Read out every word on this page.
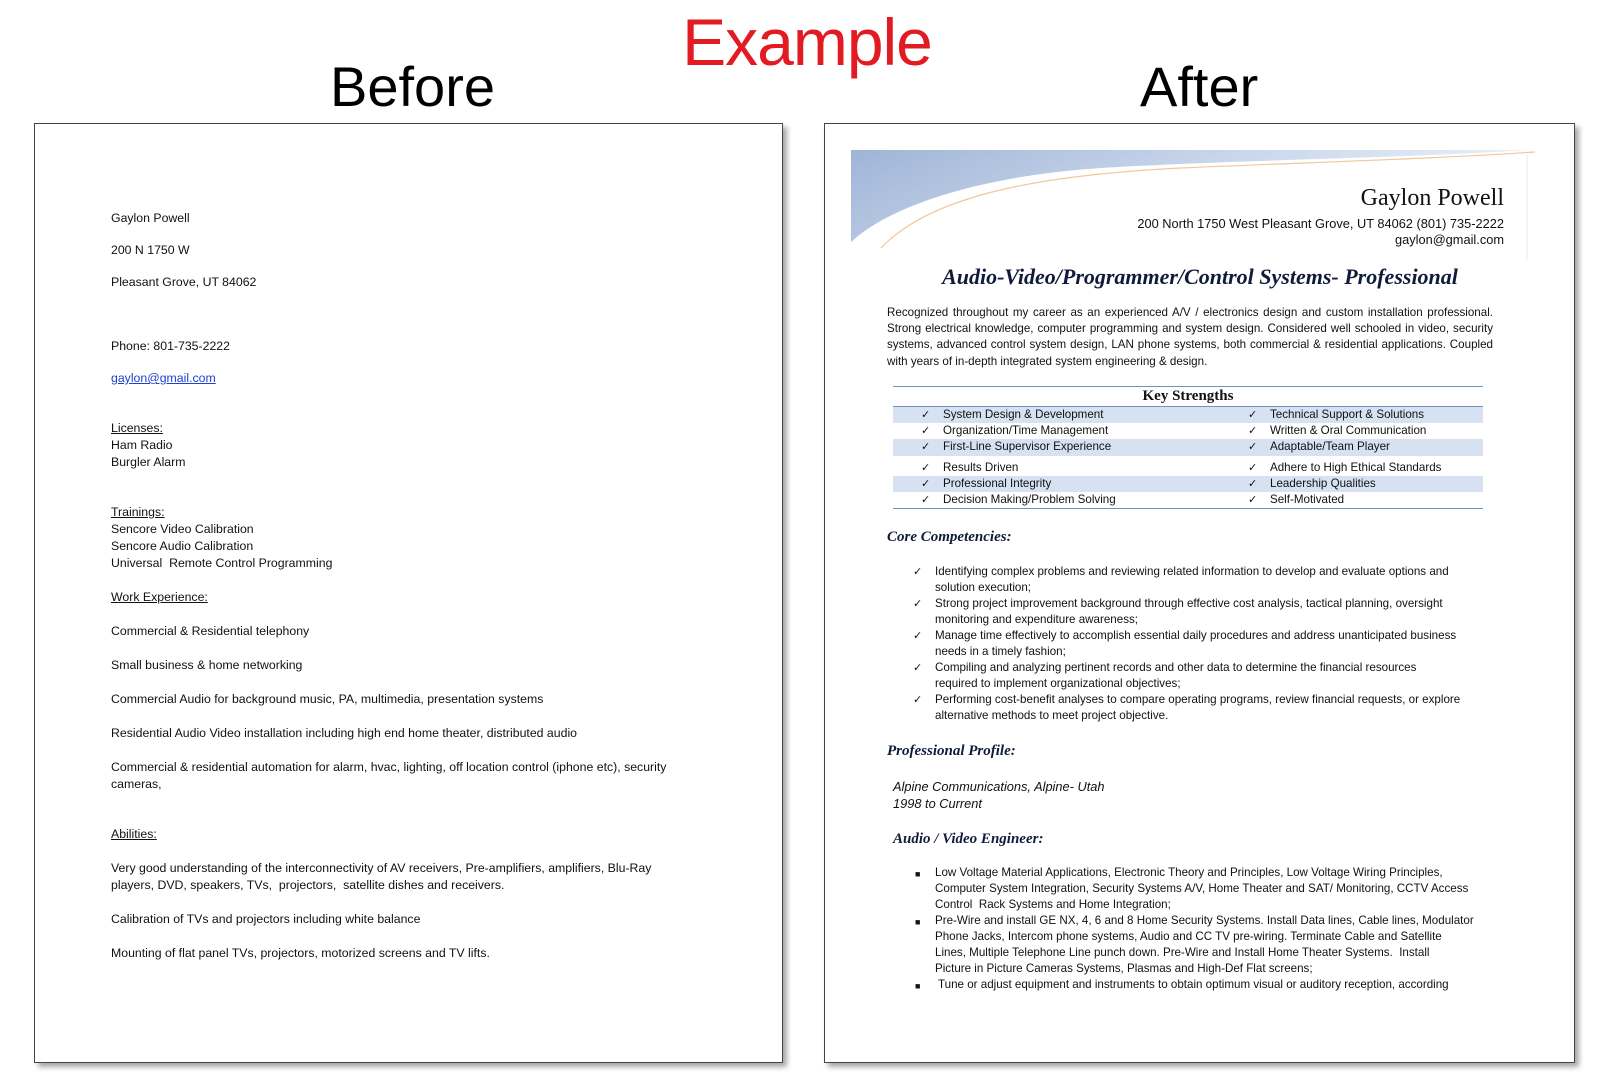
Example
Before	After
Gaylon Powell
200 N 1750 W
Pleasant Grove, UT 84062
Phone: 801-735-2222
gaylon@gmail.com
Licenses:
Ham Radio
Burgler Alarm
Trainings:
Sencore Video Calibration
Sencore Audio Calibration
Universal  Remote Control Programming
Work Experience:
Commercial & Residential telephony
Small business & home networking
Commercial Audio for background music, PA, multimedia, presentation systems
Residential Audio Video installation including high end home theater, distributed audio
Commercial & residential automation for alarm, hvac, lighting, off location control (iphone etc), security
cameras,
Abilities:
Very good understanding of the interconnectivity of AV receivers, Pre-amplifiers, amplifiers, Blu-Ray
players, DVD, speakers, TVs,  projectors,  satellite dishes and receivers.
Calibration of TVs and projectors including white balance
Mounting of flat panel TVs, projectors, motorized screens and TV lifts.
Gaylon Powell
200 North 1750 West Pleasant Grove, UT 84062 (801) 735-2222
gaylon@gmail.com
Audio-Video/Programmer/Control Systems- Professional
Recognized throughout my career as an experienced A/V / electronics design and custom installation professional. Strong electrical knowledge, computer programming and system design. Considered well schooled in video, security systems, advanced control system design, LAN phone systems, both commercial & residential applications. Coupled with years of in-depth integrated system engineering & design.
Key Strengths
✓ System Design & Development	✓ Technical Support & Solutions
✓ Organization/Time Management	✓ Written & Oral Communication
✓ First-Line Supervisor Experience	✓ Adaptable/Team Player
✓ Results Driven	✓ Adhere to High Ethical Standards
✓ Professional Integrity	✓ Leadership Qualities
✓ Decision Making/Problem Solving	✓ Self-Motivated
Core Competencies:
✓ Identifying complex problems and reviewing related information to develop and evaluate options and
solution execution;
✓ Strong project improvement background through effective cost analysis, tactical planning, oversight
monitoring and expenditure awareness;
✓ Manage time effectively to accomplish essential daily procedures and address unanticipated business
needs in a timely fashion;
✓ Compiling and analyzing pertinent records and other data to determine the financial resources
required to implement organizational objectives;
✓ Performing cost-benefit analyses to compare operating programs, review financial requests, or explore
alternative methods to meet project objective.
Professional Profile:
Alpine Communications, Alpine- Utah
1998 to Current
Audio / Video Engineer:
■ Low Voltage Material Applications, Electronic Theory and Principles, Low Voltage Wiring Principles,
Computer System Integration, Security Systems A/V, Home Theater and SAT/ Monitoring, CCTV Access
Control  Rack Systems and Home Integration;
■ Pre-Wire and install GE NX, 4, 6 and 8 Home Security Systems. Install Data lines, Cable lines, Modulator
Phone Jacks, Intercom phone systems, Audio and CC TV pre-wiring. Terminate Cable and Satellite
Lines, Multiple Telephone Line punch down. Pre-Wire and Install Home Theater Systems.  Install
Picture in Picture Cameras Systems, Plasmas and High-Def Flat screens;
■ Tune or adjust equipment and instruments to obtain optimum visual or auditory reception, according
